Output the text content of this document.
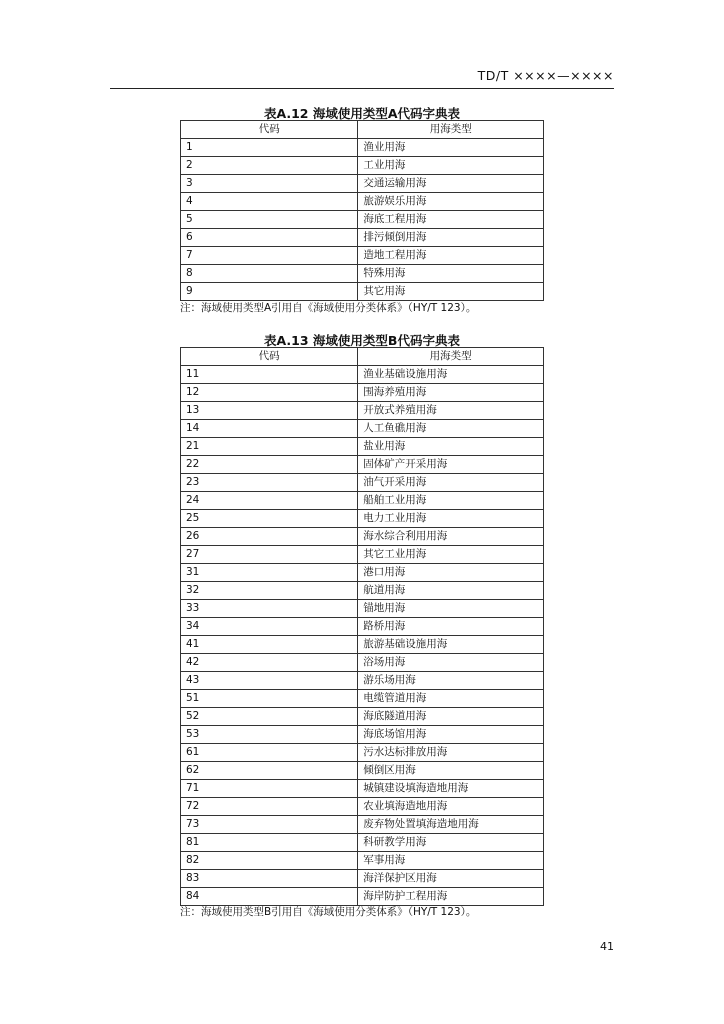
TD/T ××××—××××
表A.12 海域使用类型A代码字典表
代码	用海类型
1	渔业用海
2	工业用海
3	交通运输用海
4	旅游娱乐用海
5	海底工程用海
6	排污倾倒用海
7	造地工程用海
8	特殊用海
9	其它用海
注：海域使用类型A引用自《海域使用分类体系》（HY/T 123）。
表A.13 海域使用类型B代码字典表
代码	用海类型
11	渔业基础设施用海
12	围海养殖用海
13	开放式养殖用海
14	人工鱼礁用海
21	盐业用海
22	固体矿产开采用海
23	油气开采用海
24	船舶工业用海
25	电力工业用海
26	海水综合利用用海
27	其它工业用海
31	港口用海
32	航道用海
33	锚地用海
34	路桥用海
41	旅游基础设施用海
42	浴场用海
43	游乐场用海
51	电缆管道用海
52	海底隧道用海
53	海底场馆用海
61	污水达标排放用海
62	倾倒区用海
71	城镇建设填海造地用海
72	农业填海造地用海
73	废弃物处置填海造地用海
81	科研教学用海
82	军事用海
83	海洋保护区用海
84	海岸防护工程用海
注：海域使用类型B引用自《海域使用分类体系》（HY/T 123）。
41
